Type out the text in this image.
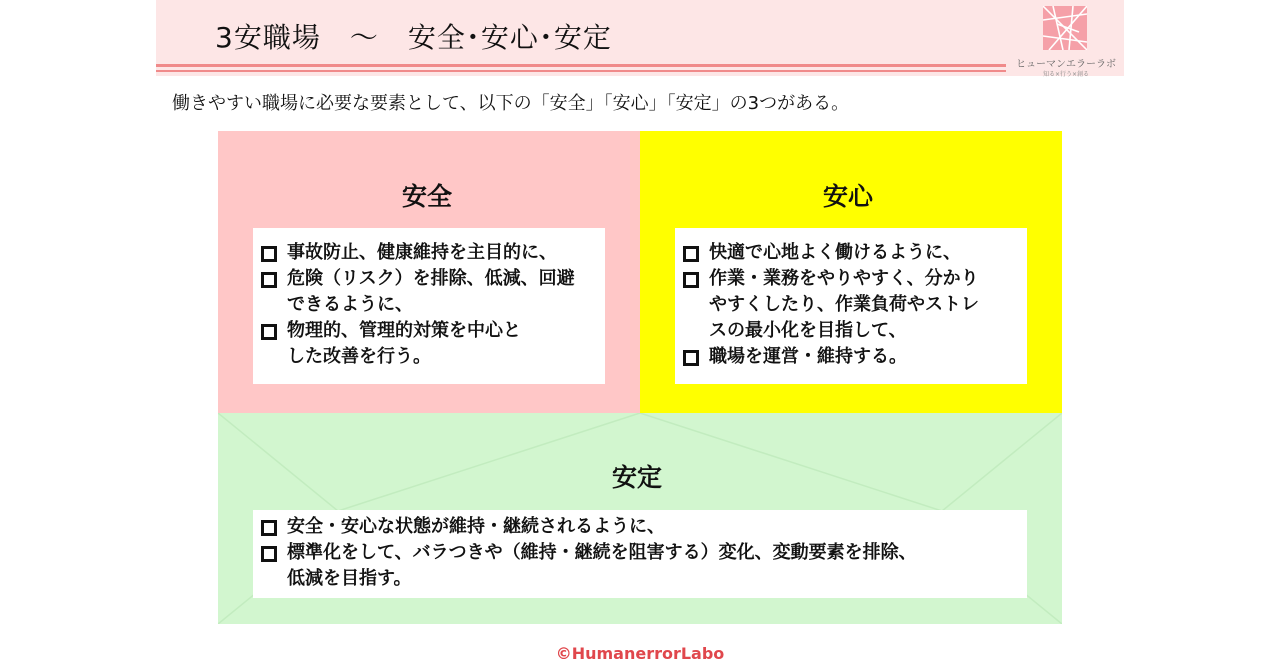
3安職場　～　安全･安心･安定
ヒューマンエラーラボ
知る×行う×創る
働きやすい職場に必要な要素として、以下の「安全」「安心」「安定」の3つがある。
安全
事故防止、健康維持を主目的に、
危険（リスク）を排除、低減、回避
できるように、
物理的、管理的対策を中心と
した改善を行う。
安心
快適で心地よく働けるように、
作業・業務をやりやすく、分かり
やすくしたり、作業負荷やストレ
スの最小化を目指して、
職場を運営・維持する。
安定
安全・安心な状態が維持・継続されるように、
標準化をして、バラつきや（維持・継続を阻害する）変化、変動要素を排除、
低減を目指す。
©HumanerrorLabo
